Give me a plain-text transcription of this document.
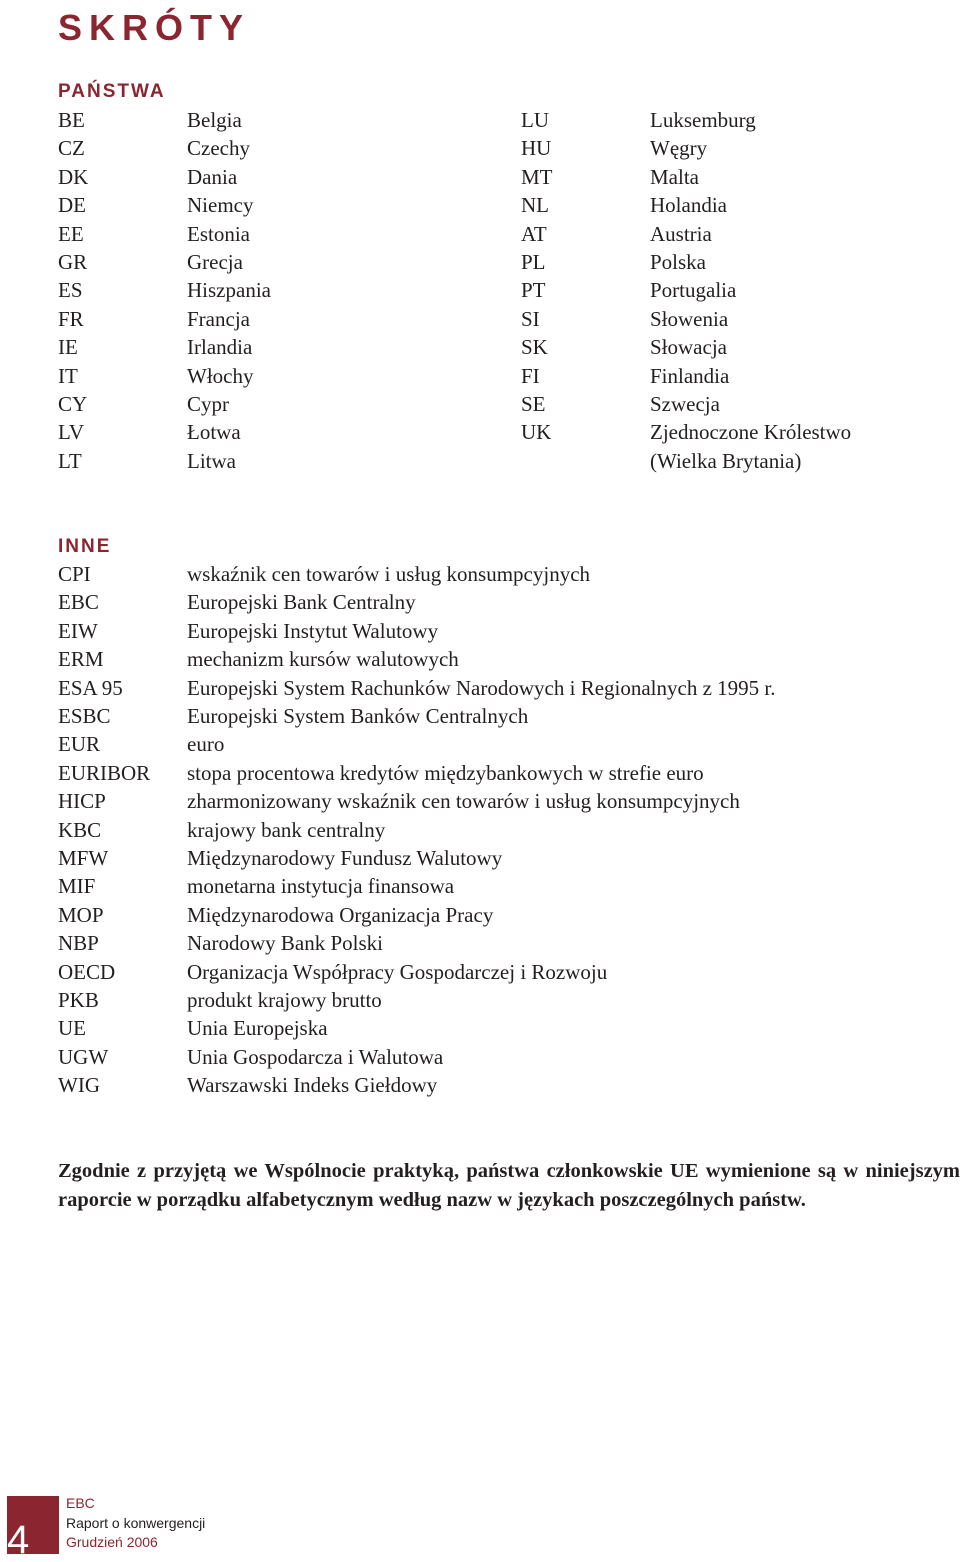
SKRÓTY
PAŃSTWA
BE	Belgia
CZ	Czechy
DK	Dania
DE	Niemcy
EE	Estonia
GR	Grecja
ES	Hiszpania
FR	Francja
IE	Irlandia
IT	Włochy
CY	Cypr
LV	Łotwa
LT	Litwa
LU	Luksemburg
HU	Węgry
MT	Malta
NL	Holandia
AT	Austria
PL	Polska
PT	Portugalia
SI	Słowenia
SK	Słowacja
FI	Finlandia
SE	Szwecja
UK	Zjednoczone Królestwo
(Wielka Brytania)
INNE
CPI	wskaźnik cen towarów i usług konsumpcyjnych
EBC	Europejski Bank Centralny
EIW	Europejski Instytut Walutowy
ERM	mechanizm kursów walutowych
ESA 95	Europejski System Rachunków Narodowych i Regionalnych z 1995 r.
ESBC	Europejski System Banków Centralnych
EUR	euro
EURIBOR stopa procentowa kredytów międzybankowych w strefie euro
HICP	zharmonizowany wskaźnik cen towarów i usług konsumpcyjnych
KBC	krajowy bank centralny
MFW	Międzynarodowy Fundusz Walutowy
MIF	monetarna instytucja finansowa
MOP	Międzynarodowa Organizacja Pracy
NBP	Narodowy Bank Polski
OECD	Organizacja Współpracy Gospodarczej i Rozwoju
PKB	produkt krajowy brutto
UE	Unia Europejska
UGW	Unia Gospodarcza i Walutowa
WIG	Warszawski Indeks Giełdowy

Zgodnie z przyjętą we Wspólnocie praktyką, państwa członkowskie UE wymienione są w niniejszym raporcie w porządku alfabetycznym według nazw w językach poszczególnych państw.

4
EBC
Raport o konwergencji
Grudzień 2006
